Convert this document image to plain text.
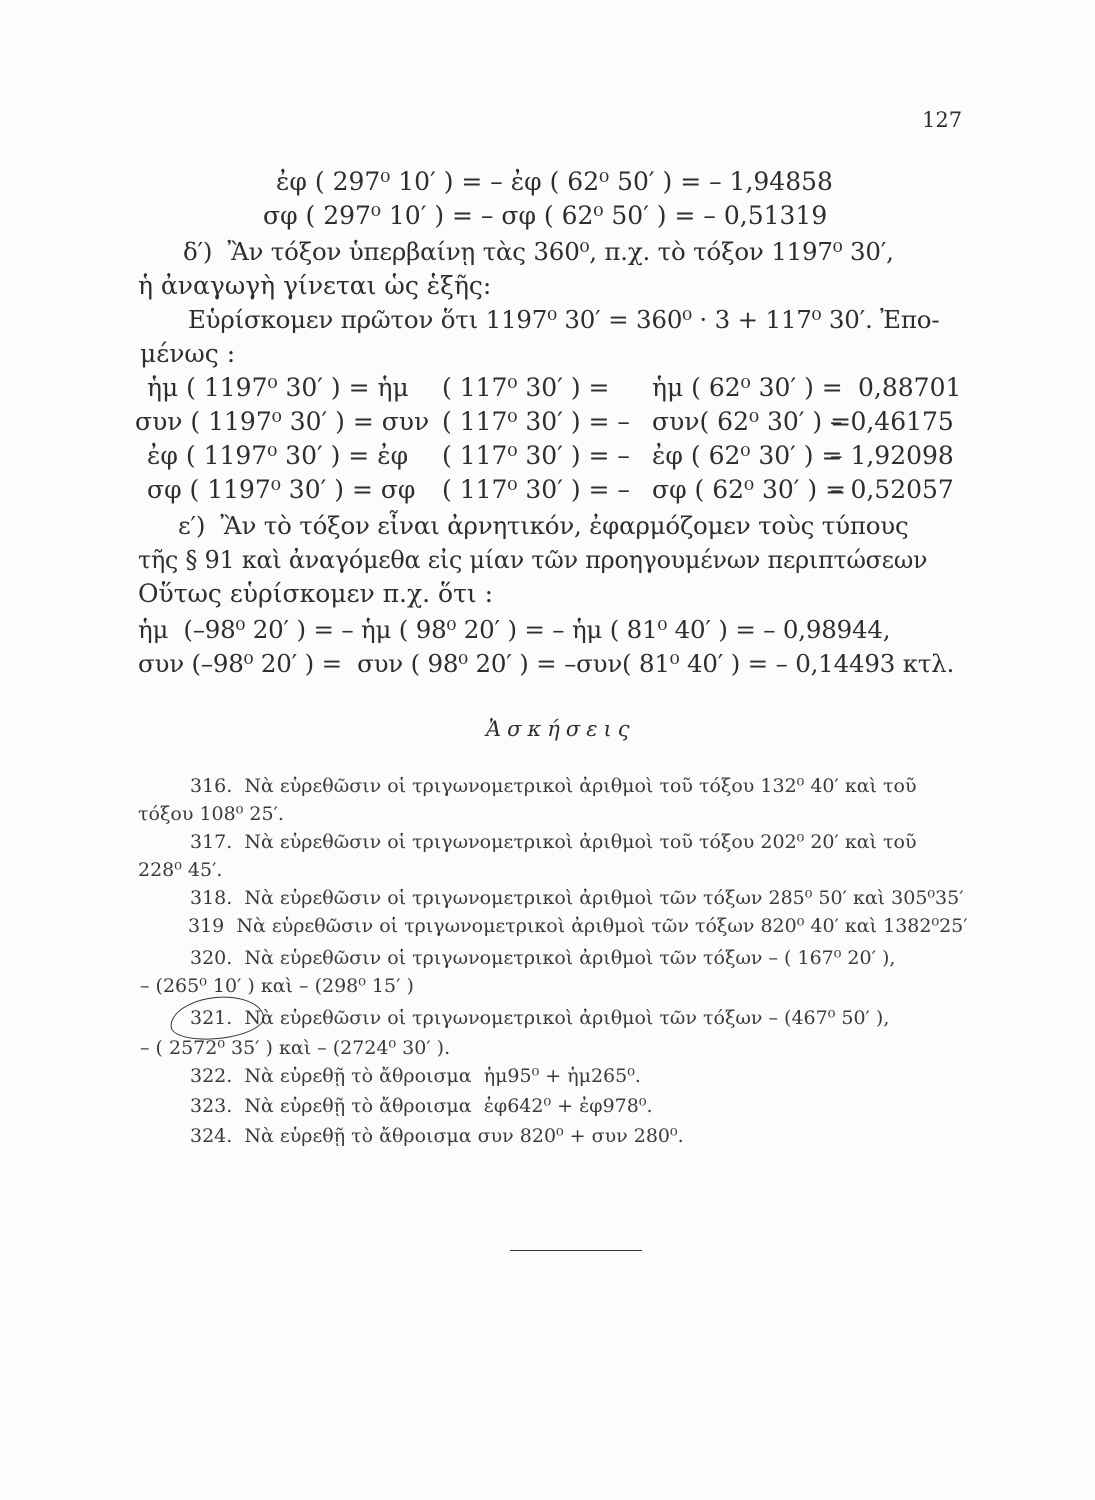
127
ἐφ ( 297⁰ 10′ ) = – ἐφ ( 62⁰ 50′ ) = – 1,94858
σφ ( 297⁰ 10′ ) = – σφ ( 62⁰ 50′ ) = – 0,51319
δ′)  Ἂν τόξον ὑπερβαίνῃ τὰς 360⁰, π.χ. τὸ τόξον 1197⁰ 30′,
ἡ ἀναγωγὴ γίνεται ὡς ἑξῆς:
Εὑρίσκομεν πρῶτον ὅτι 1197⁰ 30′ = 360⁰ · 3 + 117⁰ 30′. Ἐπο-
μένως :
ἡμ ( 1197⁰ 30′ ) = ἡμ ( 117⁰ 30′ ) = ἡμ ( 62⁰ 30′ ) = 0,88701
συν ( 1197⁰ 30′ ) = συν ( 117⁰ 30′ ) = – συν( 62⁰ 30′ ) =
– 0,46175
ἐφ ( 1197⁰ 30′ ) = ἐφ ( 117⁰ 30′ ) = – ἐφ ( 62⁰ 30′ ) =
– 1,92098
σφ ( 1197⁰ 30′ ) = σφ ( 117⁰ 30′ ) = – σφ ( 62⁰ 30′ ) =
– 0,52057
ε′)  Ἂν τὸ τόξον εἶναι ἀρνητικόν, ἐφαρμόζομεν τοὺς τύπους
τῆς § 91 καὶ ἀναγόμεθα εἰς μίαν τῶν προηγουμένων περιπτώσεων
Οὕτως εὑρίσκομεν π.χ. ὅτι :
ἡμ  (–98⁰ 20′ ) = – ἡμ ( 98⁰ 20′ ) = – ἡμ ( 81⁰ 40′ ) = – 0,98944,
συν (–98⁰ 20′ ) =  συν ( 98⁰ 20′ ) = –συν( 81⁰ 40′ ) = – 0,14493 κτλ.
Ἀσκήσεις
316.  Νὰ εὑρεθῶσιν οἱ τριγωνομετρικοὶ ἀριθμοὶ τοῦ τόξου 132⁰ 40′ καὶ τοῦ
τόξου 108⁰ 25′.
317.  Νὰ εὑρεθῶσιν οἱ τριγωνομετρικοὶ ἀριθμοὶ τοῦ τόξου 202⁰ 20′ καὶ τοῦ
228⁰ 45′.
318.  Νὰ εὑρεθῶσιν οἱ τριγωνομετρικοὶ ἀριθμοὶ τῶν τόξων 285⁰ 50′ καὶ 305⁰35′
319  Νὰ εὑρεθῶσιν οἱ τριγωνομετρικοὶ ἀριθμοὶ τῶν τόξων 820⁰ 40′ καὶ 1382⁰25′
320.  Νὰ εὑρεθῶσιν οἱ τριγωνομετρικοὶ ἀριθμοὶ τῶν τόξων – ( 167⁰ 20′ ),
– (265⁰ 10′ ) καὶ – (298⁰ 15′ )
321.  Νὰ εὑρεθῶσιν οἱ τριγωνομετρικοὶ ἀριθμοὶ τῶν τόξων – (467⁰ 50′ ),
– ( 2572⁰ 35′ ) καὶ – (2724⁰ 30′ ).
322.  Νὰ εὑρεθῇ τὸ ἄθροισμα  ἡμ95⁰ + ἡμ265⁰.
323.  Νὰ εὑρεθῇ τὸ ἄθροισμα  ἐφ642⁰ + ἐφ978⁰.
324.  Νὰ εὑρεθῇ τὸ ἄθροισμα συν 820⁰ + συν 280⁰.
